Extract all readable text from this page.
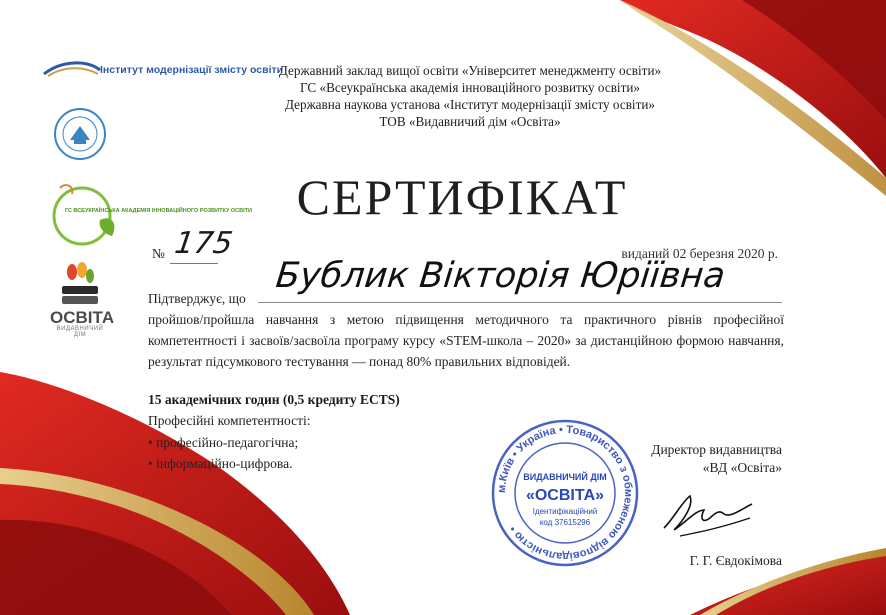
Інститут модернізації змісту освіти
ГС ВСЕУКРАЇНСЬКА АКАДЕМІЯ ІННОВАЦІЙНОГО РОЗВИТКУ ОСВІТИ
ОСВІТА
ВИДАВНИЧИЙ ДІМ
Державний заклад вищої освіти «Університет менеджменту освіти»
ГС «Всеукраїнська академія інноваційного розвитку освіти»
Державна наукова установа «Інститут модернізації змісту освіти»
ТОВ «Видавничий дім «Освіта»
СЕРТИФІКАТ
№ 175	виданий 02 березня 2020 р.
Підтверджує, що
Бублик Вікторія Юріївна
пройшов/пройшла навчання з метою підвищення методичного та практичного рівнів професійної компетентності і засвоїв/засвоїла програму курсу «STEM-школа – 2020» за дистанційною формою навчання, результат підсумкового тестування — понад 80% правильних відповідей.
15 академічних годин (0,5 кредиту ECTS)
Професійні компетентності:
• професійно-педагогічна;
• інформаційно-цифрова.
Директор видавництва
«ВД «Освіта»
м.Київ • Україна • Товариство з обмеженою відповідальністю •
ВИДАВНИЧИЙ ДІМ
«ОСВІТА»
Ідентифікаційний
код 37615296
Г. Г. Євдокімова
